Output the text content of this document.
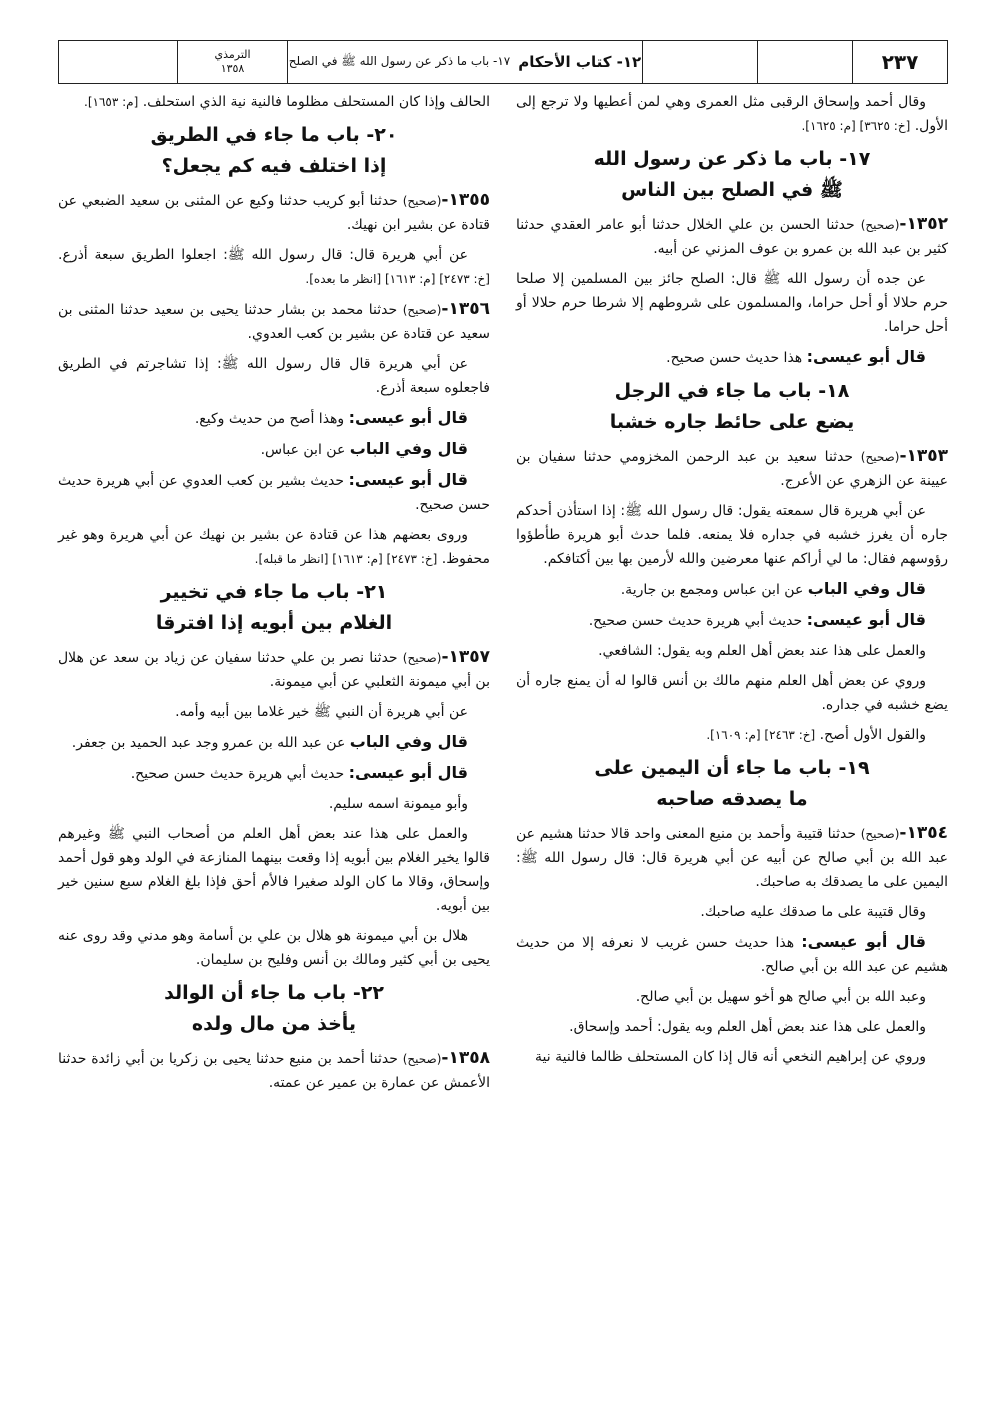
٢٣٧
١٢- كتاب الأحكام
١٧- باب ما ذكر عن رسول الله ﷺ في الصلح
الترمذي
١٣٥٨

وقال أحمد وإسحاق الرقبى مثل العمرى وهي لمن أعطيها ولا ترجع إلى الأول. [خ: ٣٦٢٥] [م: ١٦٢٥].

١٧- باب ما ذكر عن رسول الله
ﷺ في الصلح بين الناس

١٣٥٢-(صحيح) حدثنا الحسن بن علي الخلال حدثنا أبو عامر العقدي حدثنا كثير بن عبد الله بن عمرو بن عوف المزني عن أبيه.

عن جده أن رسول الله ﷺ قال: الصلح جائز بين المسلمين إلا صلحا حرم حلالا أو أحل حراما، والمسلمون على شروطهم إلا شرطا حرم حلالا أو أحل حراما.

قال أبو عيسى: هذا حديث حسن صحيح.

١٨- باب ما جاء في الرجل
يضع على حائط جاره خشبا

١٣٥٣-(صحيح) حدثنا سعيد بن عبد الرحمن المخزومي حدثنا سفيان بن عيينة عن الزهري عن الأعرج.

عن أبي هريرة قال سمعته يقول: قال رسول الله ﷺ: إذا استأذن أحدكم جاره أن يغرز خشبه في جداره فلا يمنعه. فلما حدث أبو هريرة طأطؤوا رؤوسهم فقال: ما لي أراكم عنها معرضين والله لأرمين بها بين أكتافكم.

قال وفي الباب عن ابن عباس ومجمع بن جارية.

قال أبو عيسى: حديث أبي هريرة حديث حسن صحيح.

والعمل على هذا عند بعض أهل العلم وبه يقول: الشافعي.

وروي عن بعض أهل العلم منهم مالك بن أنس قالوا له أن يمنع جاره أن يضع خشبه في جداره.

والقول الأول أصح. [خ: ٢٤٦٣] [م: ١٦٠٩].

١٩- باب ما جاء أن اليمين على
ما يصدقه صاحبه

١٣٥٤-(صحيح) حدثنا قتيبة وأحمد بن منيع المعنى واحد قالا حدثنا هشيم عن عبد الله بن أبي صالح عن أبيه عن أبي هريرة قال: قال رسول الله ﷺ: اليمين على ما يصدقك به صاحبك.

وقال قتيبة على ما صدقك عليه صاحبك.

قال أبو عيسى: هذا حديث حسن غريب لا نعرفه إلا من حديث هشيم عن عبد الله بن أبي صالح.

وعبد الله بن أبي صالح هو أخو سهيل بن أبي صالح.

والعمل على هذا عند بعض أهل العلم وبه يقول: أحمد وإسحاق.

وروي عن إبراهيم النخعي أنه قال إذا كان المستحلف ظالما فالنية نية

الحالف وإذا كان المستحلف مظلوما فالنية نية الذي استحلف. [م: ١٦٥٣].

٢٠- باب ما جاء في الطريق
إذا اختلف فيه كم يجعل؟

١٣٥٥-(صحيح) حدثنا أبو كريب حدثنا وكيع عن المثنى بن سعيد الضبعي عن قتادة عن بشير ابن نهيك.

عن أبي هريرة قال: قال رسول الله ﷺ: اجعلوا الطريق سبعة أذرع. [خ: ٢٤٧٣] [م: ١٦١٣] [انظر ما بعده].

١٣٥٦-(صحيح) حدثنا محمد بن بشار حدثنا يحيى بن سعيد حدثنا المثنى بن سعيد عن قتادة عن بشير بن كعب العدوي.

عن أبي هريرة قال قال رسول الله ﷺ: إذا تشاجرتم في الطريق فاجعلوه سبعة أذرع.

قال أبو عيسى: وهذا أصح من حديث وكيع.

قال وفي الباب عن ابن عباس.

قال أبو عيسى: حديث بشير بن كعب العدوي عن أبي هريرة حديث حسن صحيح.

وروى بعضهم هذا عن قتادة عن بشير بن نهيك عن أبي هريرة وهو غير محفوظ. [خ: ٢٤٧٣] [م: ١٦١٣] [انظر ما قبله].

٢١- باب ما جاء في تخيير
الغلام بين أبويه إذا افترقا

١٣٥٧-(صحيح) حدثنا نصر بن علي حدثنا سفيان عن زياد بن سعد عن هلال بن أبي ميمونة الثعلبي عن أبي ميمونة.

عن أبي هريرة أن النبي ﷺ خير غلاما بين أبيه وأمه.

قال وفي الباب عن عبد الله بن عمرو وجد عبد الحميد بن جعفر.

قال أبو عيسى: حديث أبي هريرة حديث حسن صحيح.

وأبو ميمونة اسمه سليم.

والعمل على هذا عند بعض أهل العلم من أصحاب النبي ﷺ وغيرهم قالوا يخير الغلام بين أبويه إذا وقعت بينهما المنازعة في الولد وهو قول أحمد وإسحاق، وقالا ما كان الولد صغيرا فالأم أحق فإذا بلغ الغلام سبع سنين خير بين أبويه.

هلال بن أبي ميمونة هو هلال بن علي بن أسامة وهو مدني وقد روى عنه يحيى بن أبي كثير ومالك بن أنس وفليح بن سليمان.

٢٢- باب ما جاء أن الوالد
يأخذ من مال ولده

١٣٥٨-(صحيح) حدثنا أحمد بن منيع حدثنا يحيى بن زكريا بن أبي زائدة حدثنا الأعمش عن عمارة بن عمير عن عمته.
